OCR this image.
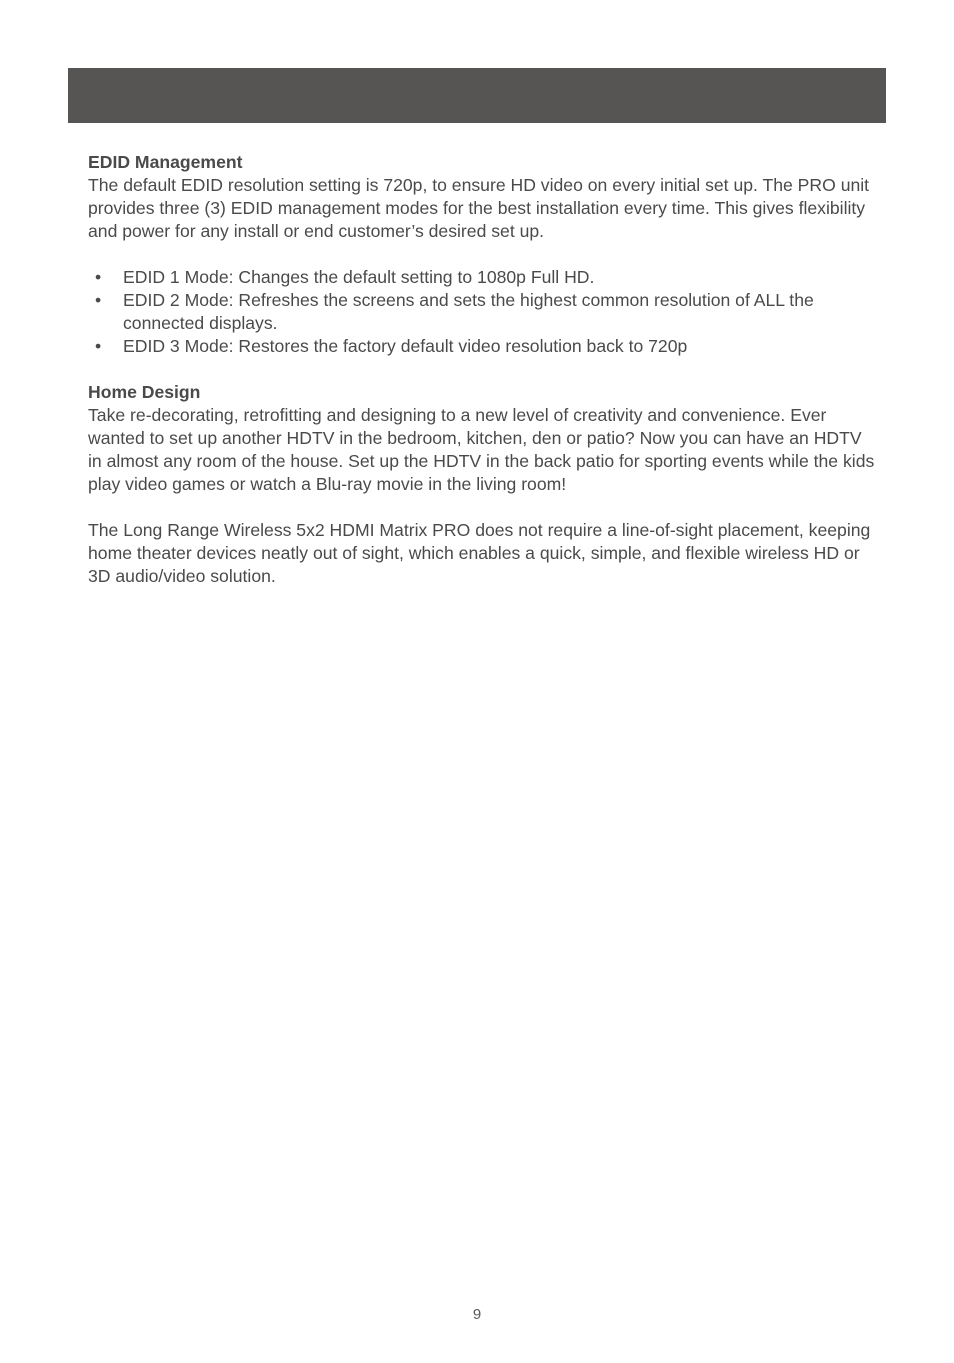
EDID Management

The default EDID resolution setting is 720p, to ensure HD video on every initial set up. The PRO unit provides three (3) EDID management modes for the best installation every time. This gives flexibility and power for any install or end customer’s desired set up.

• EDID 1 Mode: Changes the default setting to 1080p Full HD.
• EDID 2 Mode: Refreshes the screens and sets the highest common resolution of ALL the connected displays.
• EDID 3 Mode: Restores the factory default video resolution back to 720p

Home Design

Take re-decorating, retrofitting and designing to a new level of creativity and convenience. Ever wanted to set up another HDTV in the bedroom, kitchen, den or patio? Now you can have an HDTV in almost any room of the house. Set up the HDTV in the back patio for sporting events while the kids play video games or watch a Blu-ray movie in the living room!

The Long Range Wireless 5x2 HDMI Matrix PRO does not require a line-of-sight placement, keeping home theater devices neatly out of sight, which enables a quick, simple, and flexible wireless HD or 3D audio/video solution.

9
